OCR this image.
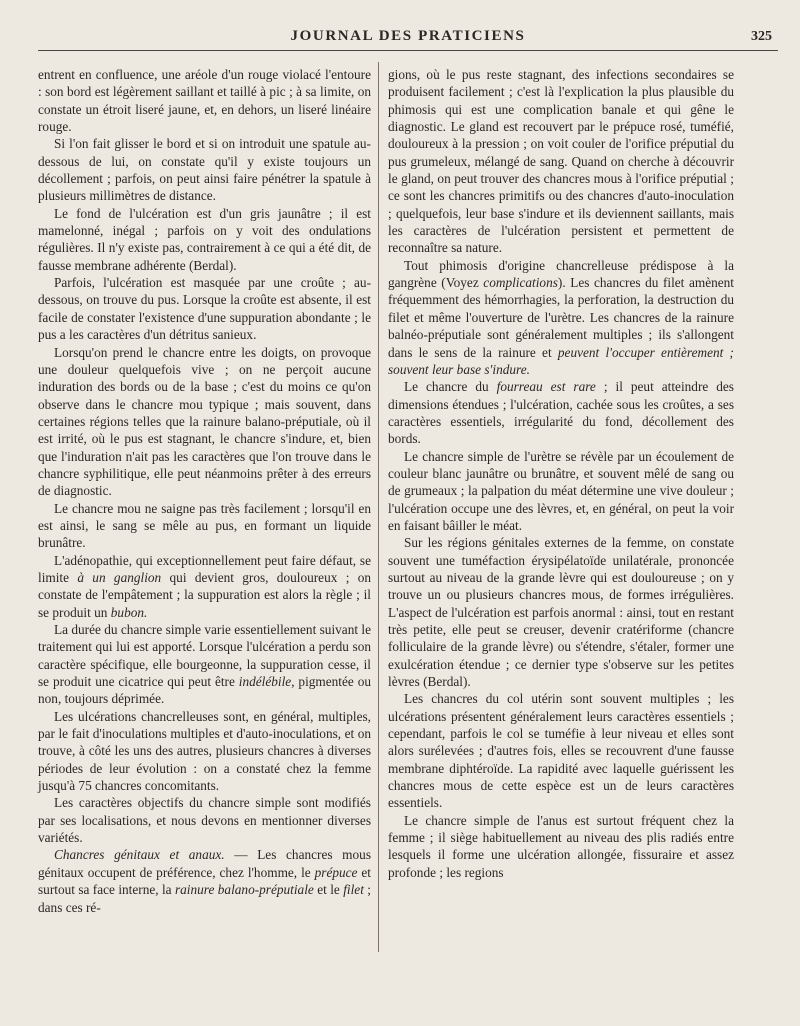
JOURNAL DES PRATICIENS	325

entrent en confluence, une aréole d'un rouge violacé l'entoure : son bord est légèrement saillant et taillé à pic ; à sa limite, on constate un étroit liseré jaune, et, en dehors, un liseré linéaire rouge.

Si l'on fait glisser le bord et si on introduit une spatule au-dessous de lui, on constate qu'il y existe toujours un décollement ; parfois, on peut ainsi faire pénétrer la spatule à plusieurs millimètres de distance.

Le fond de l'ulcération est d'un gris jaunâtre ; il est mamelonné, inégal ; parfois on y voit des ondulations régulières. Il n'y existe pas, contrairement à ce qui a été dit, de fausse membrane adhérente (Berdal).

Parfois, l'ulcération est masquée par une croûte ; au-dessous, on trouve du pus. Lorsque la croûte est absente, il est facile de constater l'existence d'une suppuration abondante ; le pus a les caractères d'un détritus sanieux.

Lorsqu'on prend le chancre entre les doigts, on provoque une douleur quelquefois vive ; on ne perçoit aucune induration des bords ou de la base ; c'est du moins ce qu'on observe dans le chancre mou typique ; mais souvent, dans certaines régions telles que la rainure balano-préputiale, où il est irrité, où le pus est stagnant, le chancre s'indure, et, bien que l'induration n'ait pas les caractères que l'on trouve dans le chancre syphilitique, elle peut néanmoins prêter à des erreurs de diagnostic.

Le chancre mou ne saigne pas très facilement ; lorsqu'il en est ainsi, le sang se mêle au pus, en formant un liquide brunâtre.

L'adénopathie, qui exceptionnellement peut faire défaut, se limite à un ganglion qui devient gros, douloureux ; on constate de l'empâtement ; la suppuration est alors la règle ; il se produit un bubon.

La durée du chancre simple varie essentiellement suivant le traitement qui lui est apporté. Lorsque l'ulcération a perdu son caractère spécifique, elle bourgeonne, la suppuration cesse, il se produit une cicatrice qui peut être indélébile, pigmentée ou non, toujours déprimée.

Les ulcérations chancrelleuses sont, en général, multiples, par le fait d'inoculations multiples et d'auto-inoculations, et on trouve, à côté les uns des autres, plusieurs chancres à diverses périodes de leur évolution : on a constaté chez la femme jusqu'à 75 chancres concomitants.

Les caractères objectifs du chancre simple sont modifiés par ses localisations, et nous devons en mentionner diverses variétés.

Chancres génitaux et anaux. — Les chancres mous génitaux occupent de préférence, chez l'homme, le prépuce et surtout sa face interne, la rainure balano-préputiale et le filet ; dans ces ré-

gions, où le pus reste stagnant, des infections secondaires se produisent facilement ; c'est là l'explication la plus plausible du phimosis qui est une complication banale et qui gêne le diagnostic. Le gland est recouvert par le prépuce rosé, tuméfié, douloureux à la pression ; on voit couler de l'orifice préputial du pus grumeleux, mélangé de sang. Quand on cherche à découvrir le gland, on peut trouver des chancres mous à l'orifice préputial ; ce sont les chancres primitifs ou des chancres d'auto-inoculation ; quelquefois, leur base s'indure et ils deviennent saillants, mais les caractères de l'ulcération persistent et permettent de reconnaître sa nature.

Tout phimosis d'origine chancrelleuse prédispose à la gangrène (Voyez complications). Les chancres du filet amènent fréquemment des hémorrhagies, la perforation, la destruction du filet et même l'ouverture de l'urètre. Les chancres de la rainure balnéo-préputiale sont généralement multiples ; ils s'allongent dans le sens de la rainure et peuvent l'occuper entièrement ; souvent leur base s'indure.

Le chancre du fourreau est rare ; il peut atteindre des dimensions étendues ; l'ulcération, cachée sous les croûtes, a ses caractères essentiels, irrégularité du fond, décollement des bords.

Le chancre simple de l'urètre se révèle par un écoulement de couleur blanc jaunâtre ou brunâtre, et souvent mêlé de sang ou de grumeaux ; la palpation du méat détermine une vive douleur ; l'ulcération occupe une des lèvres, et, en général, on peut la voir en faisant bâiller le méat.

Sur les régions génitales externes de la femme, on constate souvent une tuméfaction érysipélatoïde unilatérale, prononcée surtout au niveau de la grande lèvre qui est douloureuse ; on y trouve un ou plusieurs chancres mous, de formes irrégulières. L'aspect de l'ulcération est parfois anormal : ainsi, tout en restant très petite, elle peut se creuser, devenir cratériforme (chancre folliculaire de la grande lèvre) ou s'étendre, s'étaler, former une exulcération étendue ; ce dernier type s'observe sur les petites lèvres (Berdal).

Les chancres du col utérin sont souvent multiples ; les ulcérations présentent généralement leurs caractères essentiels ; cependant, parfois le col se tuméfie à leur niveau et elles sont alors surélevées ; d'autres fois, elles se recouvrent d'une fausse membrane diphtéroïde. La rapidité avec laquelle guérissent les chancres mous de cette espèce est un de leurs caractères essentiels.

Le chancre simple de l'anus est surtout fréquent chez la femme ; il siège habituellement au niveau des plis radiés entre lesquels il forme une ulcération allongée, fissuraire et assez profonde ; les regions
